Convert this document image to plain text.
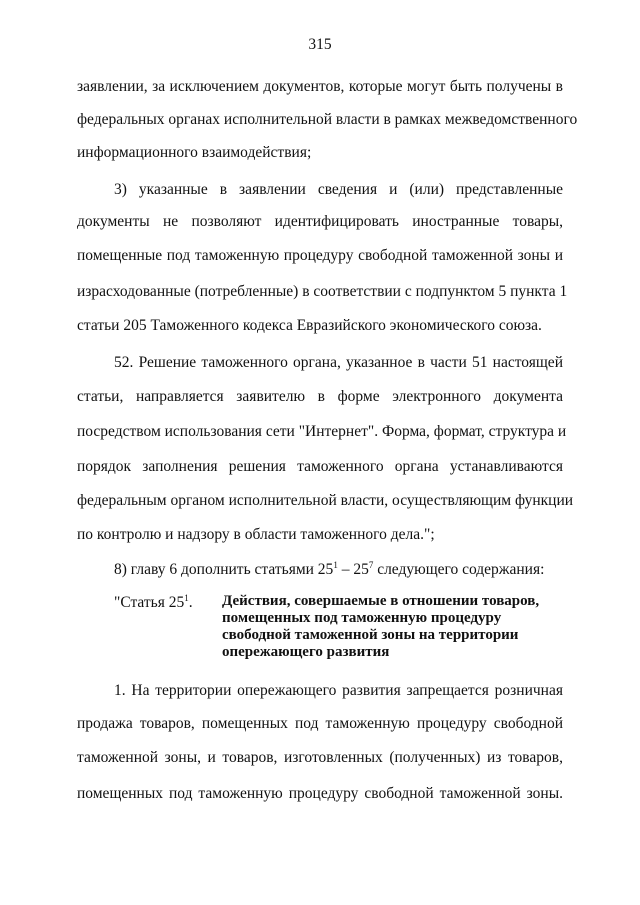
315
заявлении, за исключением документов, которые могут быть получены в
федеральных органах исполнительной власти в рамках межведомственного
информационного взаимодействия;
3) указанные в заявлении сведения и (или) представленные
документы не позволяют идентифицировать иностранные товары,
помещенные под таможенную процедуру свободной таможенной зоны и
израсходованные (потребленные) в соответствии с подпунктом 5 пункта 1
статьи 205 Таможенного кодекса Евразийского экономического союза.
52. Решение таможенного органа, указанное в части 51 настоящей
статьи, направляется заявителю в форме электронного документа
посредством использования сети "Интернет". Форма, формат, структура и
порядок заполнения решения таможенного органа устанавливаются
федеральным органом исполнительной власти, осуществляющим функции
по контролю и надзору в области таможенного дела.";
8) главу 6 дополнить статьями $25^1 - 25^7$ следующего содержания:
"Статья $25^1$. Действия, совершаемые в отношении товаров,
помещенных под таможенную процедуру
свободной таможенной зоны на территории
опережающего развития
1. На территории опережающего развития запрещается розничная
продажа товаров, помещенных под таможенную процедуру свободной
таможенной зоны, и товаров, изготовленных (полученных) из товаров,
помещенных под таможенную процедуру свободной таможенной зоны.
